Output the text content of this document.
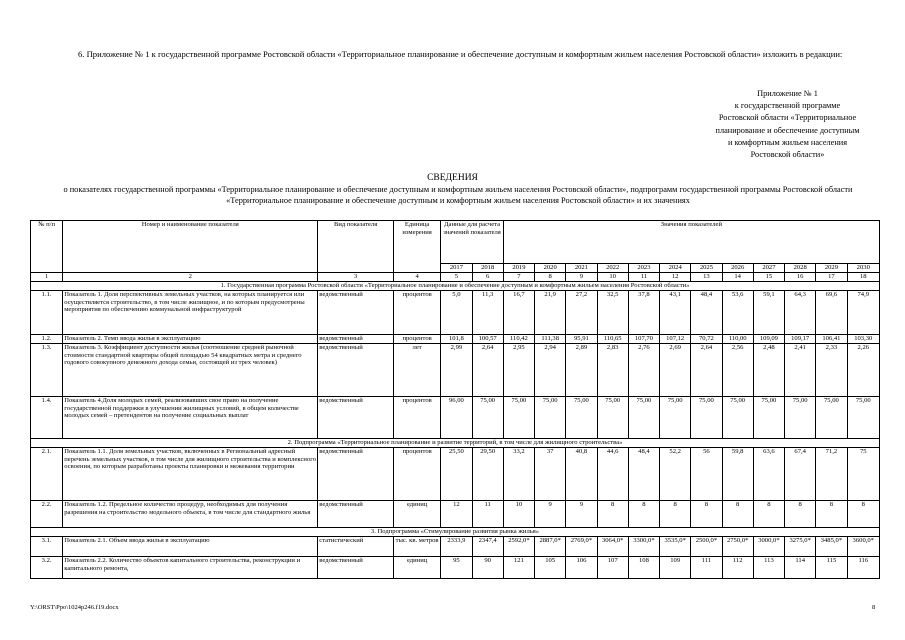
6. Приложение № 1 к государственной программе Ростовской области «Территориальное планирование и обеспечение доступным и комфортным жильем населения Ростовской области» изложить в редакции:

Приложение № 1
к государственной программе
Ростовской области «Территориальное
планирование и обеспечение доступным
и комфортным жильем населения
Ростовской области»
СВЕДЕНИЯ
о показателях государственной программы «Территориальное планирование и обеспечение доступным и комфортным жильем населения Ростовской области», подпрограмм государственной программы Ростовской области «Территориальное планирование и обеспечение доступным и комфортным жильем населения Ростовской области» и их значениях
№ п/п	Номер и наименование показателя	Вид показателя	Единица измерения	Данные для расчета значений показателя		Значения показателей											
				2017	2018	2019	2020	2021	2022	2023	2024	2025	2026	2027	2028	2029	2030
1	2	3	4	5	6	7	8	9	10	11	12	13	14	15	16	17	18
1. Государственная программа Ростовской области «Территориальное планирование и обеспечение доступным и комфортным жильем населения Ростовской области»																	
1.1.	Показатель 1. Доля перспективных земельных участков, на которых планируется или осуществляется строительство, в том числе жилищное, и по которым предусмотрены мероприятия по обеспечению коммунальной инфраструктурой	ведомственный	процентов	5,0	11,3	16,7	21,9	27,2	32,5	37,8	43,1	48,4	53,6	59,1	64,3	69,6	74,9
1.2.	Показатель 2. Темп ввода жилья в эксплуатацию	ведомственный	процентов	101,8	100,57	110,42	111,38	95,91	110,65	107,70	107,12	70,72	110,00	109,09	109,17	106,41	103,30
1.3.	Показатель 3. Коэффициент доступности жилья (соотношение средней рыночной стоимости стандартной квартиры общей площадью 54 квадратных метра и среднего годового совокупного денежного дохода семьи, состоящей из трех человек)	ведомственный	лет	2,99	2,64	2,95	2,94	2,89	2,83	2,76	2,69	2,64	2,56	2,48	2,41	2,33	2,26
1.4.	Показатель 4.Доля молодых семей, реализовавших свое право на получение государственной поддержки в улучшении жилищных условий, в общем количестве молодых семей – претендентов на получение социальных выплат	ведомственный	процентов	96,00	75,00	75,00	75,00	75,00	75,00	75,00	75,00	75,00	75,00	75,00	75,00	75,00	75,00
2. Подпрограмма «Территориальное планирование и развитие территорий, в том числе для жилищного строительства»																	
2.1.	Показатель 1.1. Доля земельных участков, включенных в Региональный адресный перечень земельных участков, в том числе для жилищного строительства и комплексного освоения, по которым разработаны проекты планировки и межевания территории	ведомственный	процентов	25,50	29,50	33,2	37	40,8	44,6	48,4	52,2	56	59,8	63,6	67,4	71,2	75
2.2.	Показатель 1.2. Предельное количество процедур, необходимых для получения разрешения на строительство модельного объекта, в том числе для стандартного жилья	ведомственный	единиц	12	11	10	9	9	8	8	8	8	8	8	8	8	8
3. Подпрограмма «Стимулирование развития рынка жилья»																	
3.1.	Показатель 2.1. Объем ввода жилья в эксплуатацию	статистический	тыс. кв. метров	2333,9	2347,4	2592,0*	2887,0*	2769,0*	3064,0*	3300,0*	3535,0*	2500,0*	2750,0*	3000,0*	3275,0*	3485,0*	3600,0*
3.2.	Показатель 2.2. Количество объектов капитального строительства, реконструкции и капитального ремонта,	ведомственный	единиц	95	90	121	105	106	107	108	109	111	112	113	114	115	116
Y:\ORST\Ppo\1024p246.f19.docx	8
